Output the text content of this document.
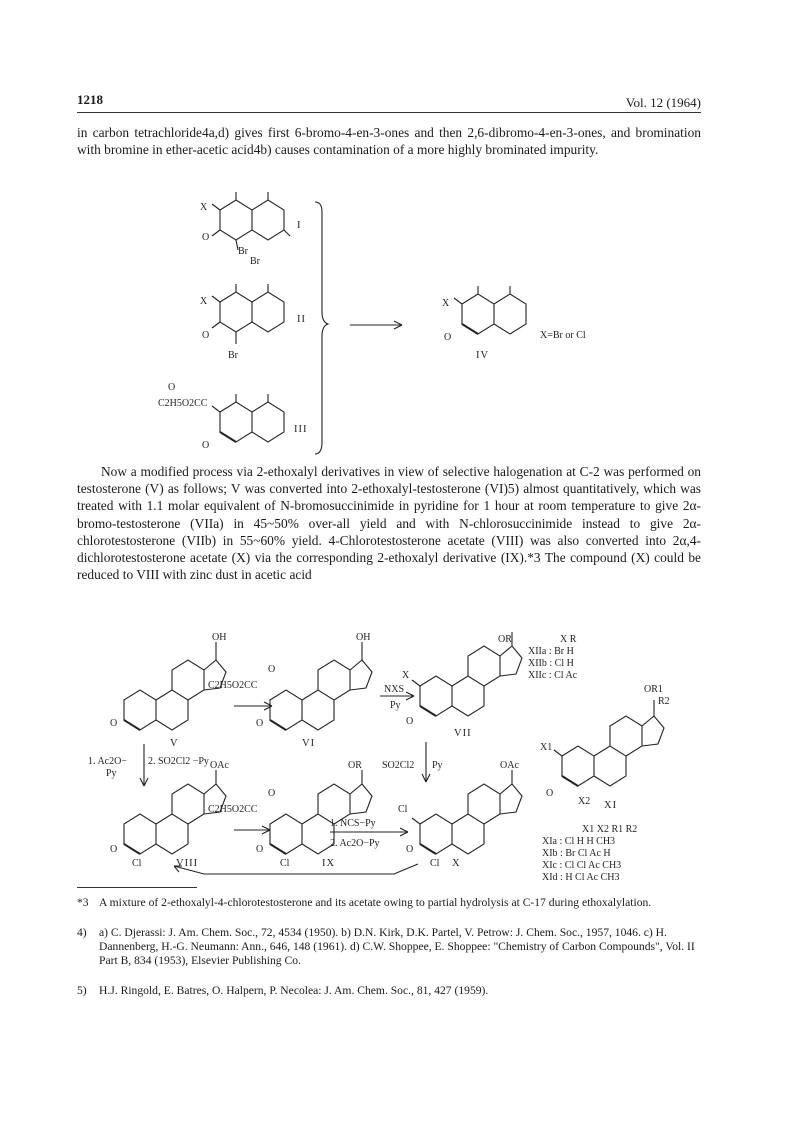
1218	Vol. 12 (1964)
in carbon tetrachloride4a,d) gives first 6-bromo-4-en-3-ones and then 2,6-dibromo-4-en-3-ones, and bromination with bromine in ether-acetic acid4b) causes contamination of a more highly brominated impurity.
X
O
Br
Br
I
X
O
Br
II
O
C2H5O2CC
O
III
X
O
IV
X=Br or Cl
Now a modified process via 2-ethoxalyl derivatives in view of selective halogenation at C-2 was performed on testosterone (V) as follows; V was converted into 2-ethoxalyl-testosterone (VI)5) almost quantitatively, which was treated with 1.1 molar equivalent of N-bromosuccinimide in pyridine for 1 hour at room temperature to give 2α-bromo-testosterone (VIIa) in 45~50% over-all yield and with N-chlorosuccinimide instead to give 2α-chlorotestosterone (VIIb) in 55~60% yield. 4-Chlorotestosterone acetate (VIII) was also converted into 2α,4-dichlorotestosterone acetate (X) via the corresponding 2-ethoxalyl derivative (IX).*3 The compound (X) could be reduced to VIII with zinc dust in acetic acid
OH
O
V
O
C2H5O2CC
OH
O
VI
NXS
Py
X
OR
O
VII
X R
XIIa : Br H
XIIb : Cl H
XIIc : Cl Ac
OR1
R2
X1
O
X2 XI
X1 X2 R1 R2
XIa : Cl H H CH3
XIb : Br Cl Ac H
XIc : Cl Cl Ac CH3
XId : H Cl Ac CH3
1. Ac2O−
Py
2. SO2Cl2 −Py	SO2Cl2 Py
OAc
O
Cl	VIII
O
C2H5O2CC
OR
O
Cl	IX
1. NCS−Py
2. Ac2O−Py
Cl
OAc
O
Cl X
*3 A mixture of 2-ethoxalyl-4-chlorotestosterone and its acetate owing to partial hydrolysis at C-17 during ethoxalylation.
4) a) C. Djerassi: J. Am. Chem. Soc., 72, 4534 (1950). b) D.N. Kirk, D.K. Partel, V. Petrow: J. Chem. Soc., 1957, 1046. c) H. Dannenberg, H.-G. Neumann: Ann., 646, 148 (1961). d) C.W. Shoppee, E. Shoppee: "Chemistry of Carbon Compounds", Vol. II Part B, 834 (1953), Elsevier Publishing Co.
5) H.J. Ringold, E. Batres, O. Halpern, P. Necolea: J. Am. Chem. Soc., 81, 427 (1959).
